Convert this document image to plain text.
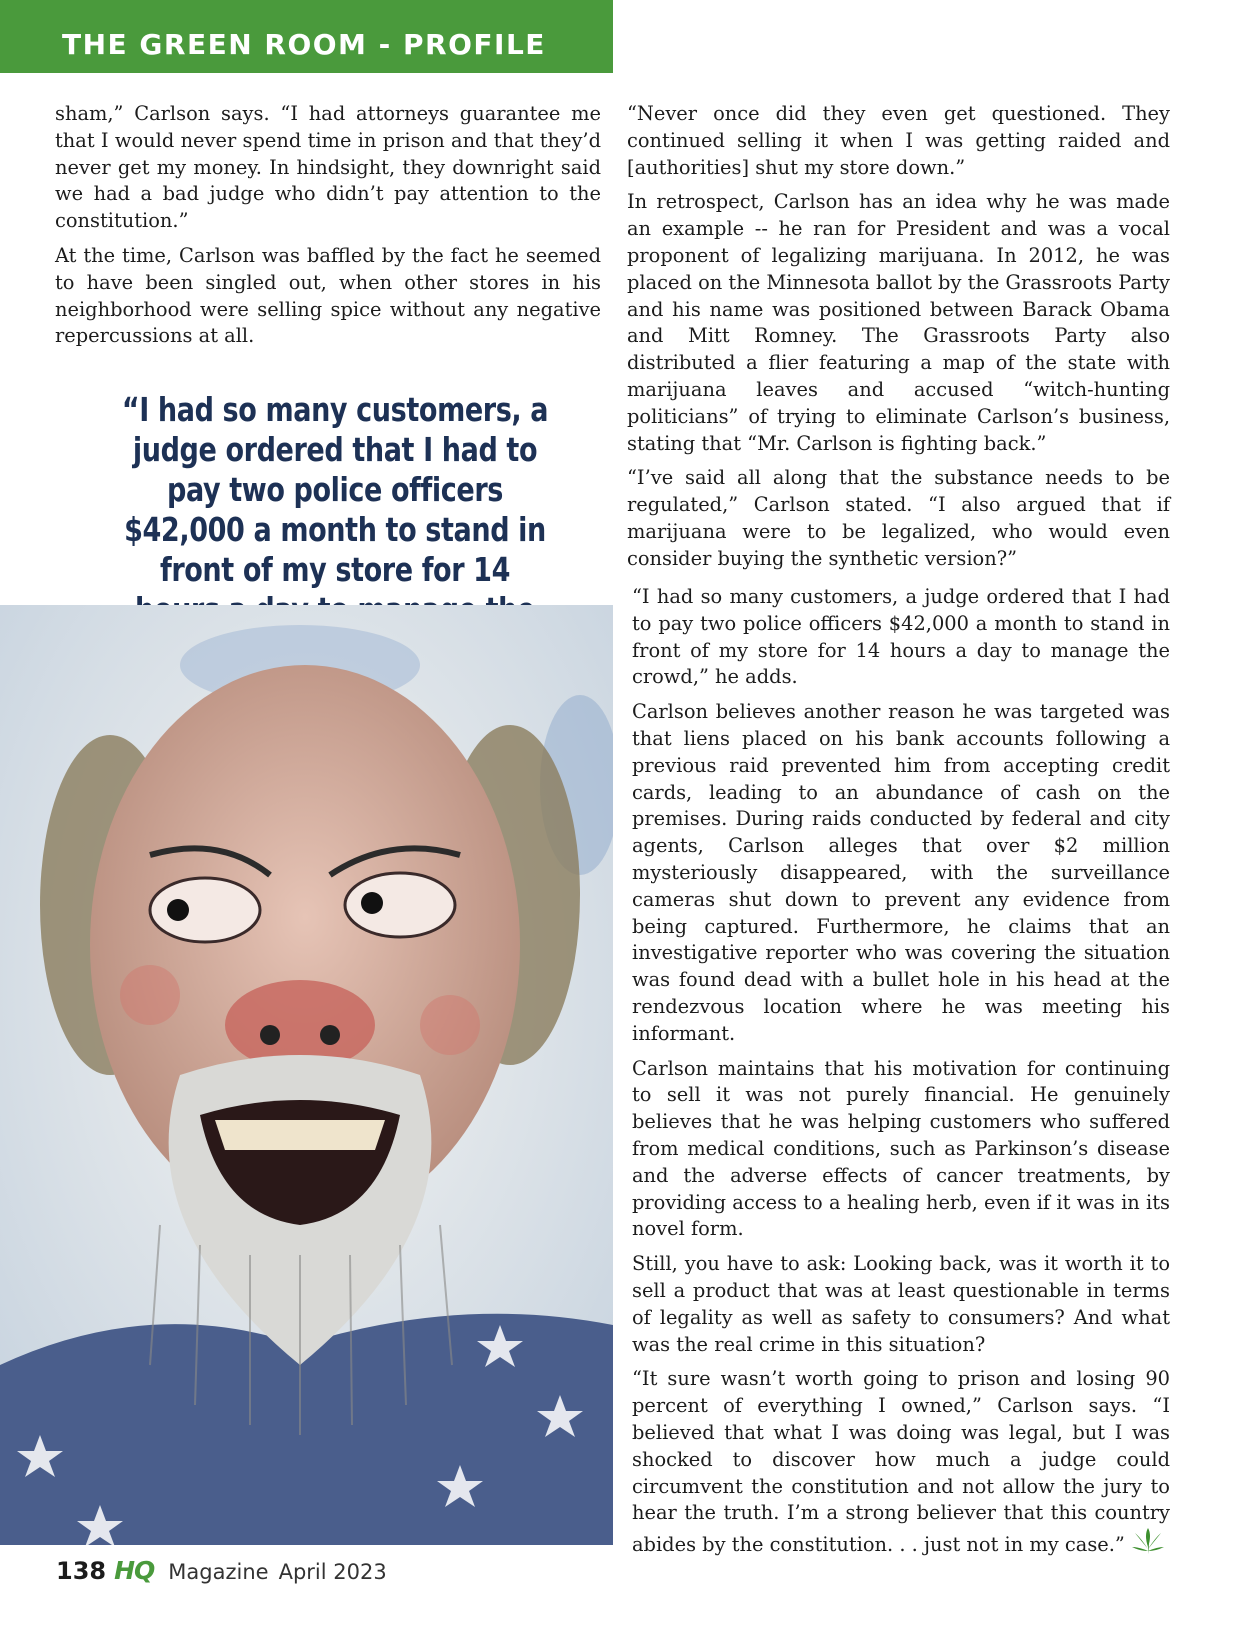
THE GREEN ROOM - PROFILE

sham,” Carlson says. “I had attorneys guarantee me that I would never spend time in prison and that they’d never get my money. In hindsight, they downright said we had a bad judge who didn’t pay attention to the constitution.”

At the time, Carlson was baffled by the fact he seemed to have been singled out, when other stores in his neighborhood were selling spice without any negative repercussions at all.

“I had so many customers, a judge ordered that I had to pay two police officers $42,000 a month to stand in front of my store for 14

“Never once did they even get questioned. They continued selling it when I was getting raided and [authorities] shut my store down.”

In retrospect, Carlson has an idea why he was made an example -- he ran for President and was a vocal proponent of legalizing marijuana. In 2012, he was placed on the Minnesota ballot by the Grassroots Party and his name was positioned between Barack Obama and Mitt Romney. The Grassroots Party also distributed a flier featuring a map of the state with marijuana leaves and accused “witch-hunting politicians” of trying to eliminate Carlson’s business, stating that “Mr. Carlson is fighting back.”

“I’ve said all along that the substance needs to be regulated,” Carlson stated. “I also argued that if marijuana were to be legalized, who would even consider buying the synthetic version?”

“I had so many customers, a judge ordered that I had to pay two police officers $42,000 a month to stand in front of my store for 14 hours a day to manage the crowd,” he adds.

Carlson believes another reason he was targeted was that liens placed on his bank accounts following a previous raid prevented him from accepting credit cards, leading to an abundance of cash on the premises. During raids conducted by federal and city agents, Carlson alleges that over $2 million mysteriously disappeared, with the surveillance cameras shut down to prevent any evidence from being captured. Furthermore, he claims that an investigative reporter who was covering the situation was found dead with a bullet hole in his head at the rendezvous location where he was meeting his informant.

Carlson maintains that his motivation for continuing to sell it was not purely financial. He genuinely believes that he was helping customers who suffered from medical conditions, such as Parkinson’s disease and the adverse effects of cancer treatments, by providing access to a healing herb, even if it was in its novel form.

Still, you have to ask: Looking back, was it worth it to sell a product that was at least questionable in terms of legality as well as safety to consumers? And what was the real crime in this situation?

“It sure wasn’t worth going to prison and losing 90 percent of everything I owned,” Carlson says. “I believed that what I was doing was legal, but I was shocked to discover how much a judge could circumvent the constitution and not allow the jury to hear the truth. I’m a strong believer that this country abides by the constitution. . . just not in my case.”

138 HQ Magazine April 2023
